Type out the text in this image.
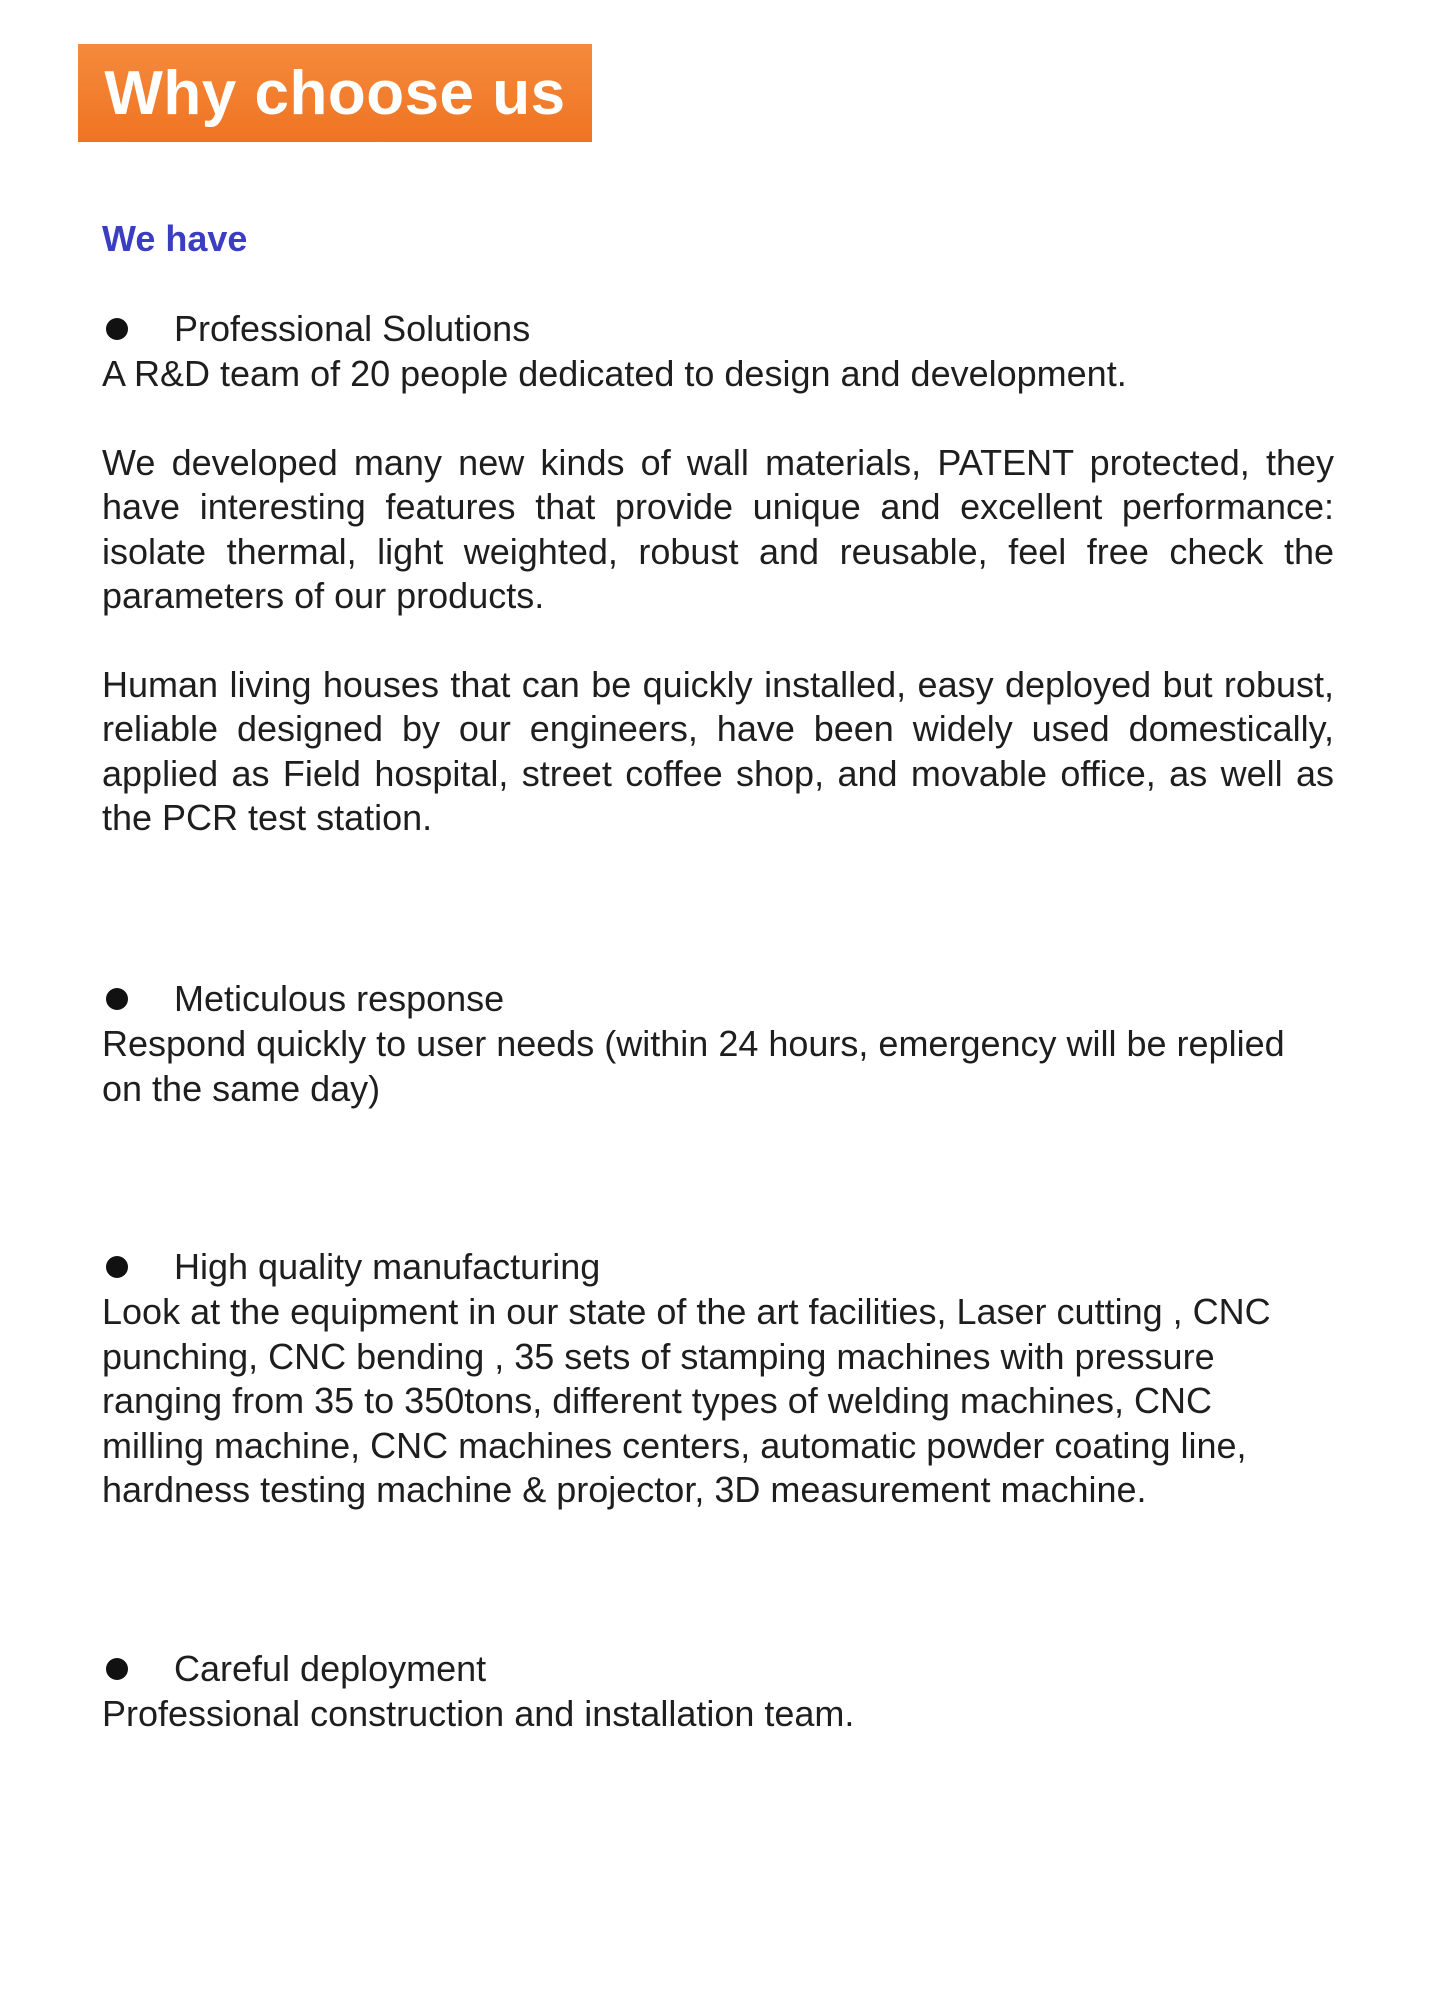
Why choose us
We have
Professional Solutions

A R&D team of 20 people dedicated to design and development.

We developed many new kinds of wall materials, PATENT protected, they have interesting features that provide unique and excellent performance: isolate thermal, light weighted, robust and reusable, feel free check the parameters of our products.

Human living houses that can be quickly installed, easy deployed but robust, reliable designed by our engineers, have been widely used domestically, applied as Field hospital, street coffee shop, and movable office, as well as the PCR test station.

Meticulous response

Respond quickly to user needs (within 24 hours, emergency will be replied on the same day)

High quality manufacturing

Look at the equipment in our state of the art facilities, Laser cutting , CNC punching, CNC bending , 35 sets of stamping machines with pressure ranging from 35 to 350tons, different types of welding machines, CNC milling machine, CNC machines centers, automatic powder coating line, hardness testing machine & projector, 3D measurement machine.

Careful deployment

Professional construction and installation team.
